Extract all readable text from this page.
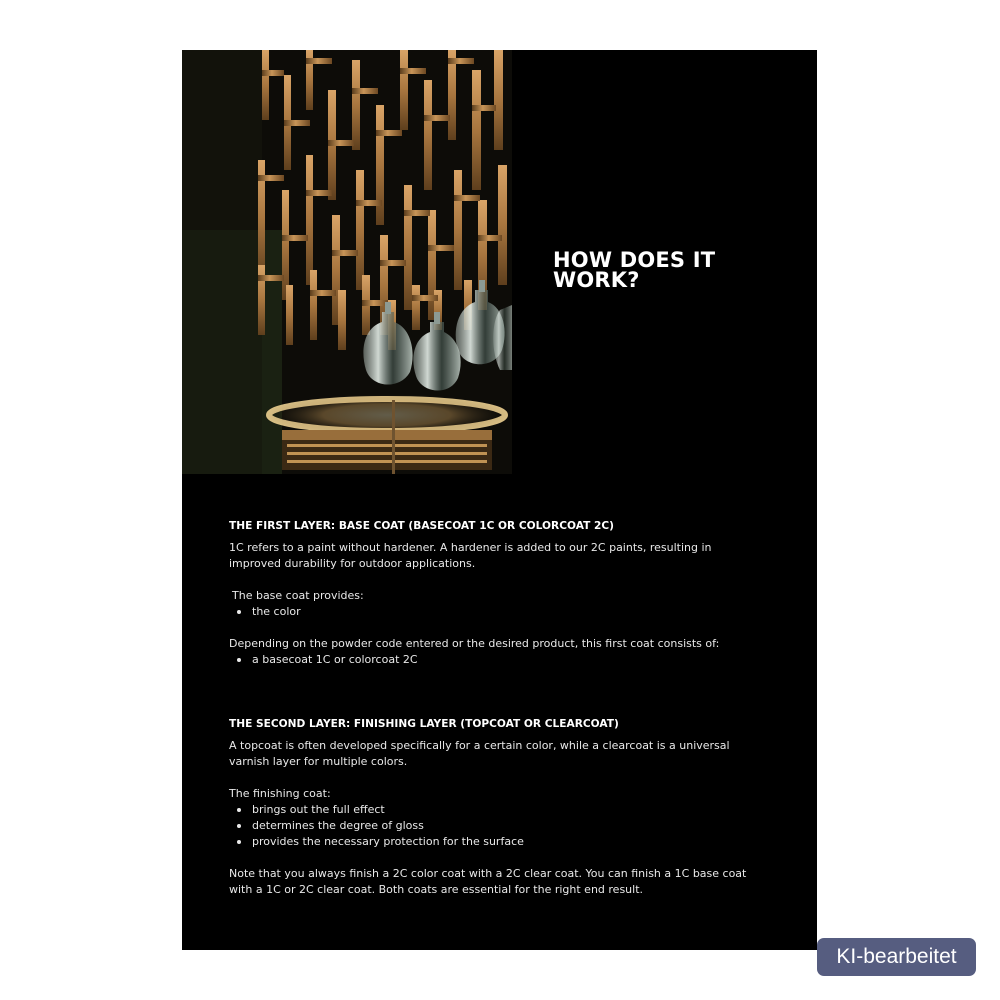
HOW DOES IT
WORK?
THE FIRST LAYER: BASE COAT (BASECOAT 1C OR COLORCOAT 2C)

1C refers to a paint without hardener. A hardener is added to our 2C paints, resulting in

improved durability for outdoor applications.

The base coat provides:

the color

Depending on the powder code entered or the desired product, this first coat consists of:

a basecoat 1C or colorcoat 2C
THE SECOND LAYER: FINISHING LAYER (TOPCOAT OR CLEARCOAT)

A topcoat is often developed specifically for a certain color, while a clearcoat is a universal

varnish layer for multiple colors.

The finishing coat:

brings out the full effect
determines the degree of gloss
provides the necessary protection for the surface

Note that you always finish a 2C color coat with a 2C clear coat. You can finish a 1C base coat

with a 1C or 2C clear coat. Both coats are essential for the right end result.

KI-bearbeitet
